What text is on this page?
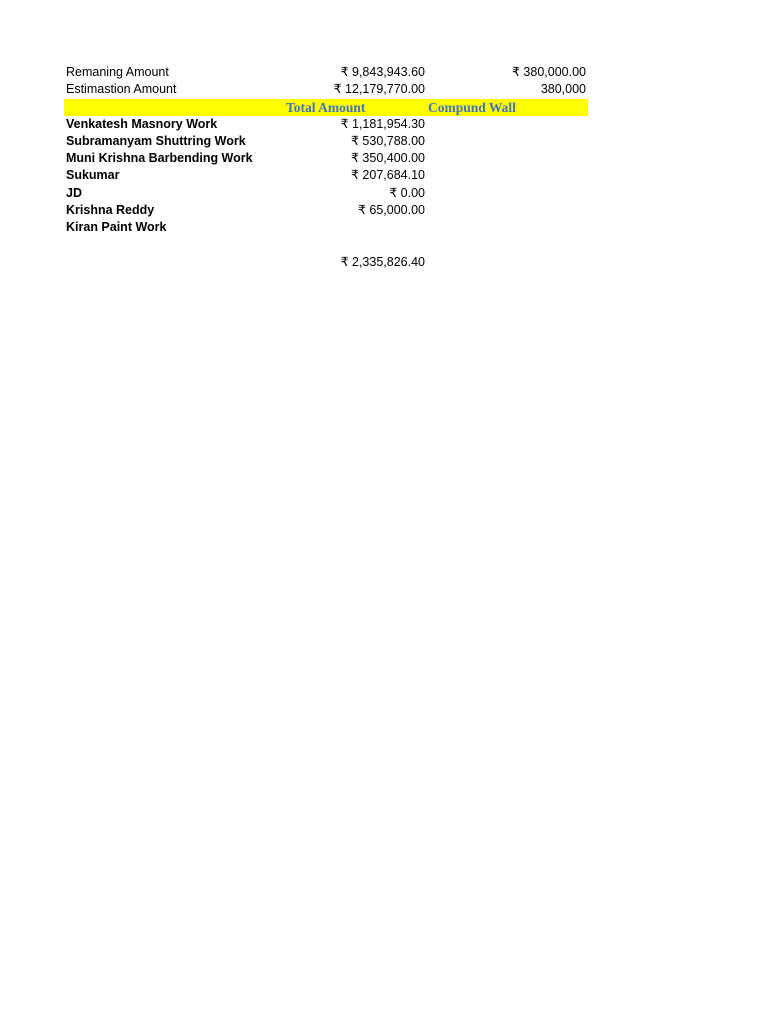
Remaning Amount	₹ 9,843,943.60	₹ 380,000.00
Estimastion Amount	₹ 12,179,770.00	380,000
Total Amount	Compund Wall
Venkatesh Masnory Work	₹ 1,181,954.30
Subramanyam Shuttring Work	₹ 530,788.00
Muni Krishna Barbending Work	₹ 350,400.00
Sukumar	₹ 207,684.10
JD	₹ 0.00
Krishna Reddy	₹ 65,000.00
Kiran Paint Work
₹ 2,335,826.40
